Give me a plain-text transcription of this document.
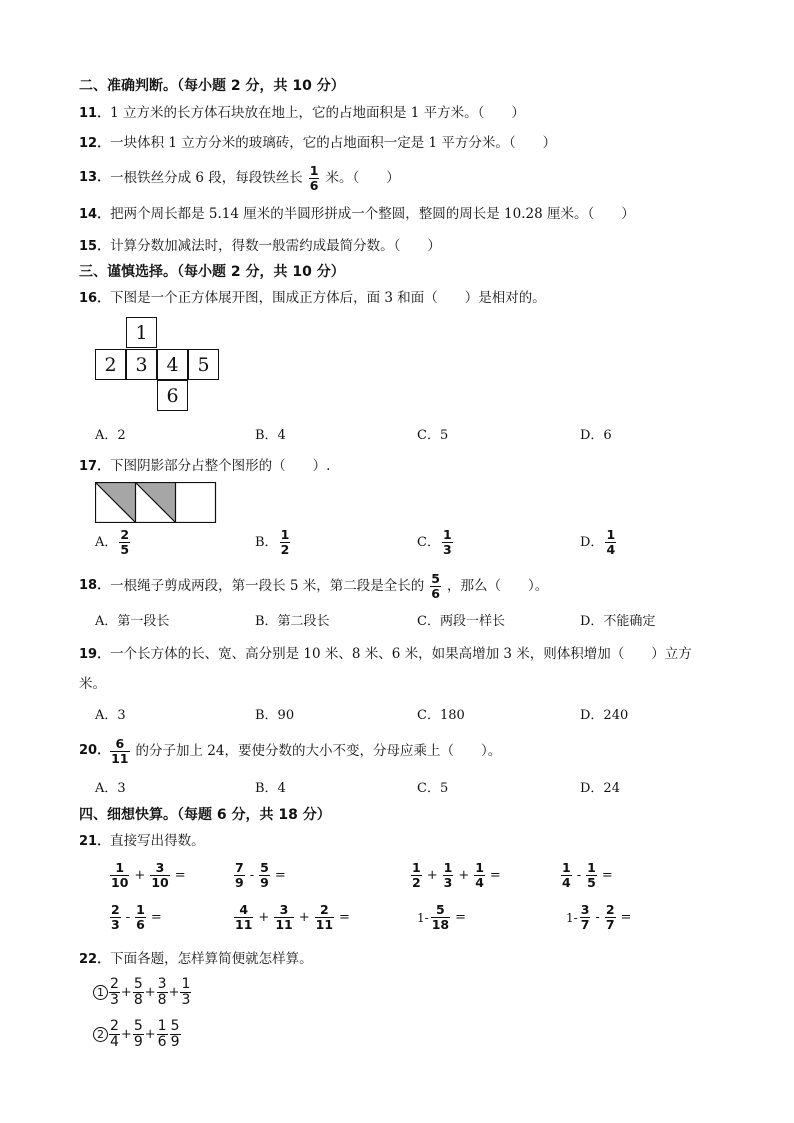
二、准确判断。（每小题 2 分，共 10 分）
11．1 立方米的长方体石块放在地上，它的占地面积是 1 平方米。（　　）
12．一块体积 1 立方分米的玻璃砖，它的占地面积一定是 1 平方分米。（　　）
13． 一根铁丝分成 6 段，每段铁丝长 $\frac{1}{6}$ 米。（　　）
14．把两个周长都是 5.14 厘米的半圆形拼成一个整圆，整圆的周长是 10.28 厘米。（　　）
15．计算分数加减法时，得数一般需约成最简分数。（　　）
三、谨慎选择。（每小题 2 分，共 10 分）
16．下图是一个正方体展开图，围成正方体后，面 3 和面（　　）是相对的。
1
2 3 4 5
6
A．2	B．4	C．5	D．6
17．下图阴影部分占整个图形的（　　）.
A． $\frac{2}{5}$	B． $\frac{1}{2}$	C． $\frac{1}{3}$	D． $\frac{1}{4}$
18． 一根绳子剪成两段，第一段长 5 米，第二段是全长的 $\frac{5}{6}$ ，那么（　　）。
A．第一段长	B．第二段长	C．两段一样长	D．不能确定
19．一个长方体的长、宽、高分别是 10 米、8 米、6 米，如果高增加 3 米，则体积增加（　　）立方
米。
A．3	B．90	C．180	D．240
20． $\frac{6}{11}$ 的分子加上 24，要使分数的大小不变，分母应乘上（　　）。
A．3	B．4	C．5	D．24
四、细想快算。（每题 6 分，共 18 分）
21．直接写出得数。
$\frac{1}{10} + \frac{3}{10}$ =	$\frac{7}{9} - \frac{5}{9}$ =	$\frac{1}{2} + \frac{1}{3} + \frac{1}{4}$ =	$\frac{1}{4} - \frac{1}{5}$ =
$\frac{2}{3} - \frac{1}{6}$ =	$\frac{4}{11} + \frac{3}{11} + \frac{2}{11}$ =	$1- \frac{5}{18}$ =	$1- \frac{3}{7} - \frac{2}{7}$ =
22．下面各题，怎样算简便就怎样算。
1
2
$3 + \frac{5}{8} + \frac{3}{8} + \frac{1}{3}$
2
2
$4 + \frac{5}{9} + \frac{1}{6} 5$
9
